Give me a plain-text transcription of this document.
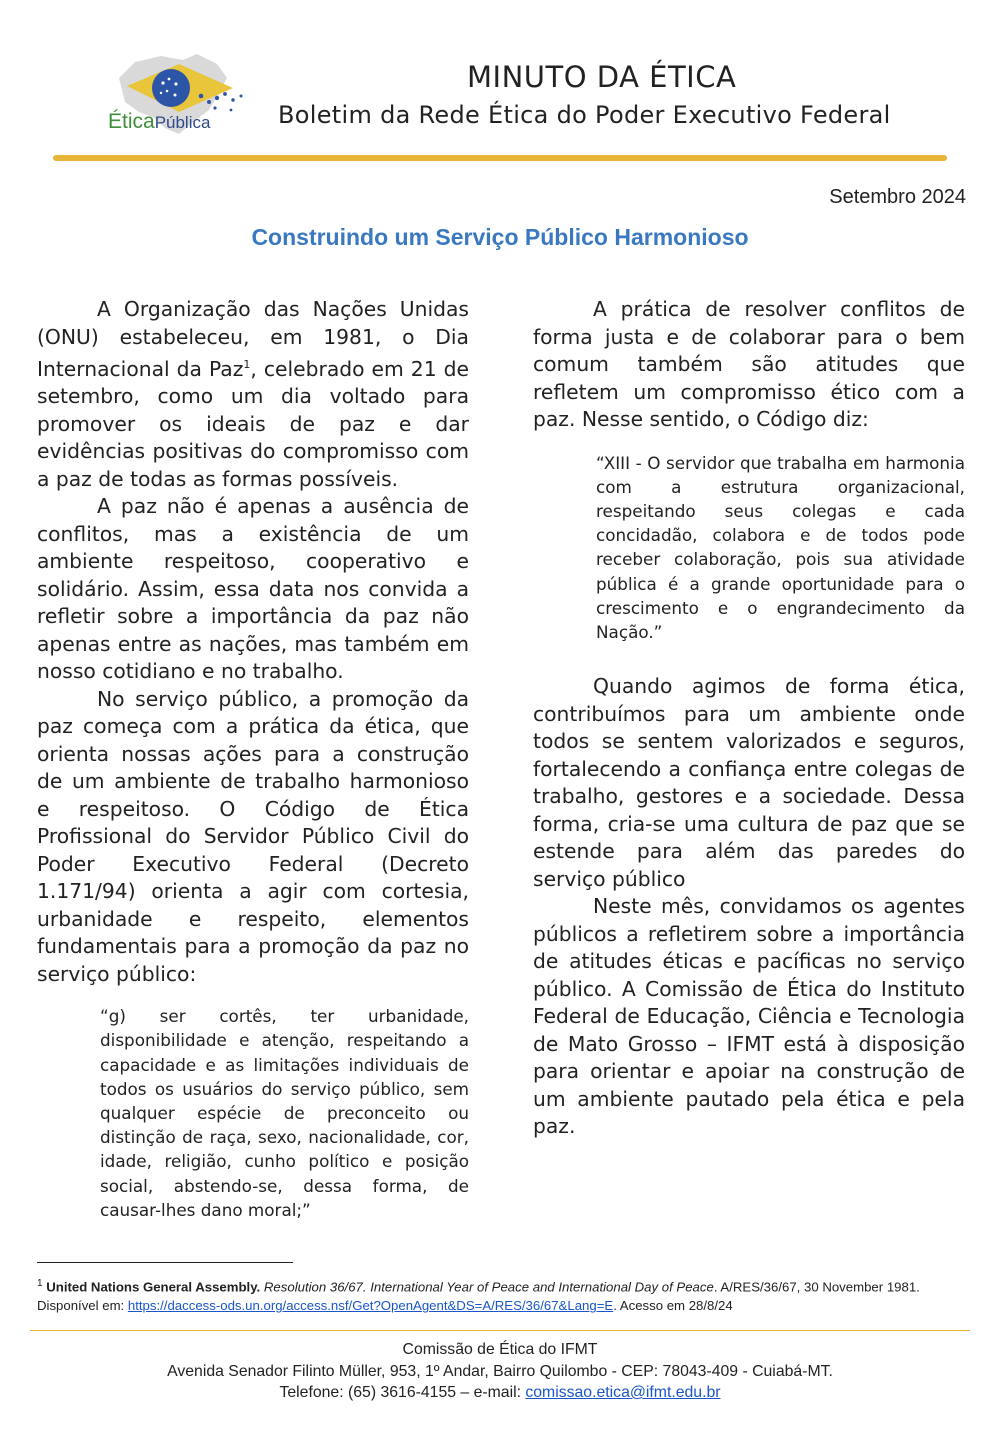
ÉticaPública
MINUTO DA ÉTICA
Boletim da Rede Ética do Poder Executivo Federal
Setembro 2024
Construindo um Serviço Público Harmonioso

A Organização das Nações Unidas (ONU) estabeleceu, em 1981, o Dia Internacional da Paz$^1$, celebrado em 21 de setembro, como um dia voltado para promover os ideais de paz e dar evidências positivas do compromisso com a paz de todas as formas possíveis.

A paz não é apenas a ausência de conflitos, mas a existência de um ambiente respeitoso, cooperativo e solidário. Assim, essa data nos convida a refletir sobre a importância da paz não apenas entre as nações, mas também em nosso cotidiano e no trabalho.

No serviço público, a promoção da paz começa com a prática da ética, que orienta nossas ações para a construção de um ambiente de trabalho harmonioso e respeitoso. O Código de Ética Profissional do Servidor Público Civil do Poder Executivo Federal (Decreto 1.171/94) orienta a agir com cortesia, urbanidade e respeito, elementos fundamentais para a promoção da paz no serviço público:

“g) ser cortês, ter urbanidade, disponibilidade e atenção, respeitando a capacidade e as limitações individuais de todos os usuários do serviço público, sem qualquer espécie de preconceito ou distinção de raça, sexo, nacionalidade, cor, idade, religião, cunho político e posição social, abstendo-se, dessa forma, de causar-lhes dano moral;”

A prática de resolver conflitos de forma justa e de colaborar para o bem comum também são atitudes que refletem um compromisso ético com a paz. Nesse sentido, o Código diz:

“XIII - O servidor que trabalha em harmonia com a estrutura organizacional, respeitando seus colegas e cada concidadão, colabora e de todos pode receber colaboração, pois sua atividade pública é a grande oportunidade para o crescimento e o engrandecimento da Nação.”

Quando agimos de forma ética, contribuímos para um ambiente onde todos se sentem valorizados e seguros, fortalecendo a confiança entre colegas de trabalho, gestores e a sociedade. Dessa forma, cria-se uma cultura de paz que se estende para além das paredes do serviço público

Neste mês, convidamos os agentes públicos a refletirem sobre a importância de atitudes éticas e pacíficas no serviço público. A Comissão de Ética do Instituto Federal de Educação, Ciência e Tecnologia de Mato Grosso – IFMT está à disposição para orientar e apoiar na construção de um ambiente pautado pela ética e pela paz.

$^1$ United Nations General Assembly. Resolution 36/67. International Year of Peace and International Day of Peace. A/RES/36/67, 30 November 1981. Disponível em: https://daccess-ods.un.org/access.nsf/Get?OpenAgent&DS=A/RES/36/67&Lang=E. Acesso em 28/8/24
Comissão de Ética do IFMT
Avenida Senador Filinto Müller, 953, 1º Andar, Bairro Quilombo - CEP: 78043-409 - Cuiabá-MT.
Telefone: (65) 3616-4155 – e-mail: comissao.etica@ifmt.edu.br
